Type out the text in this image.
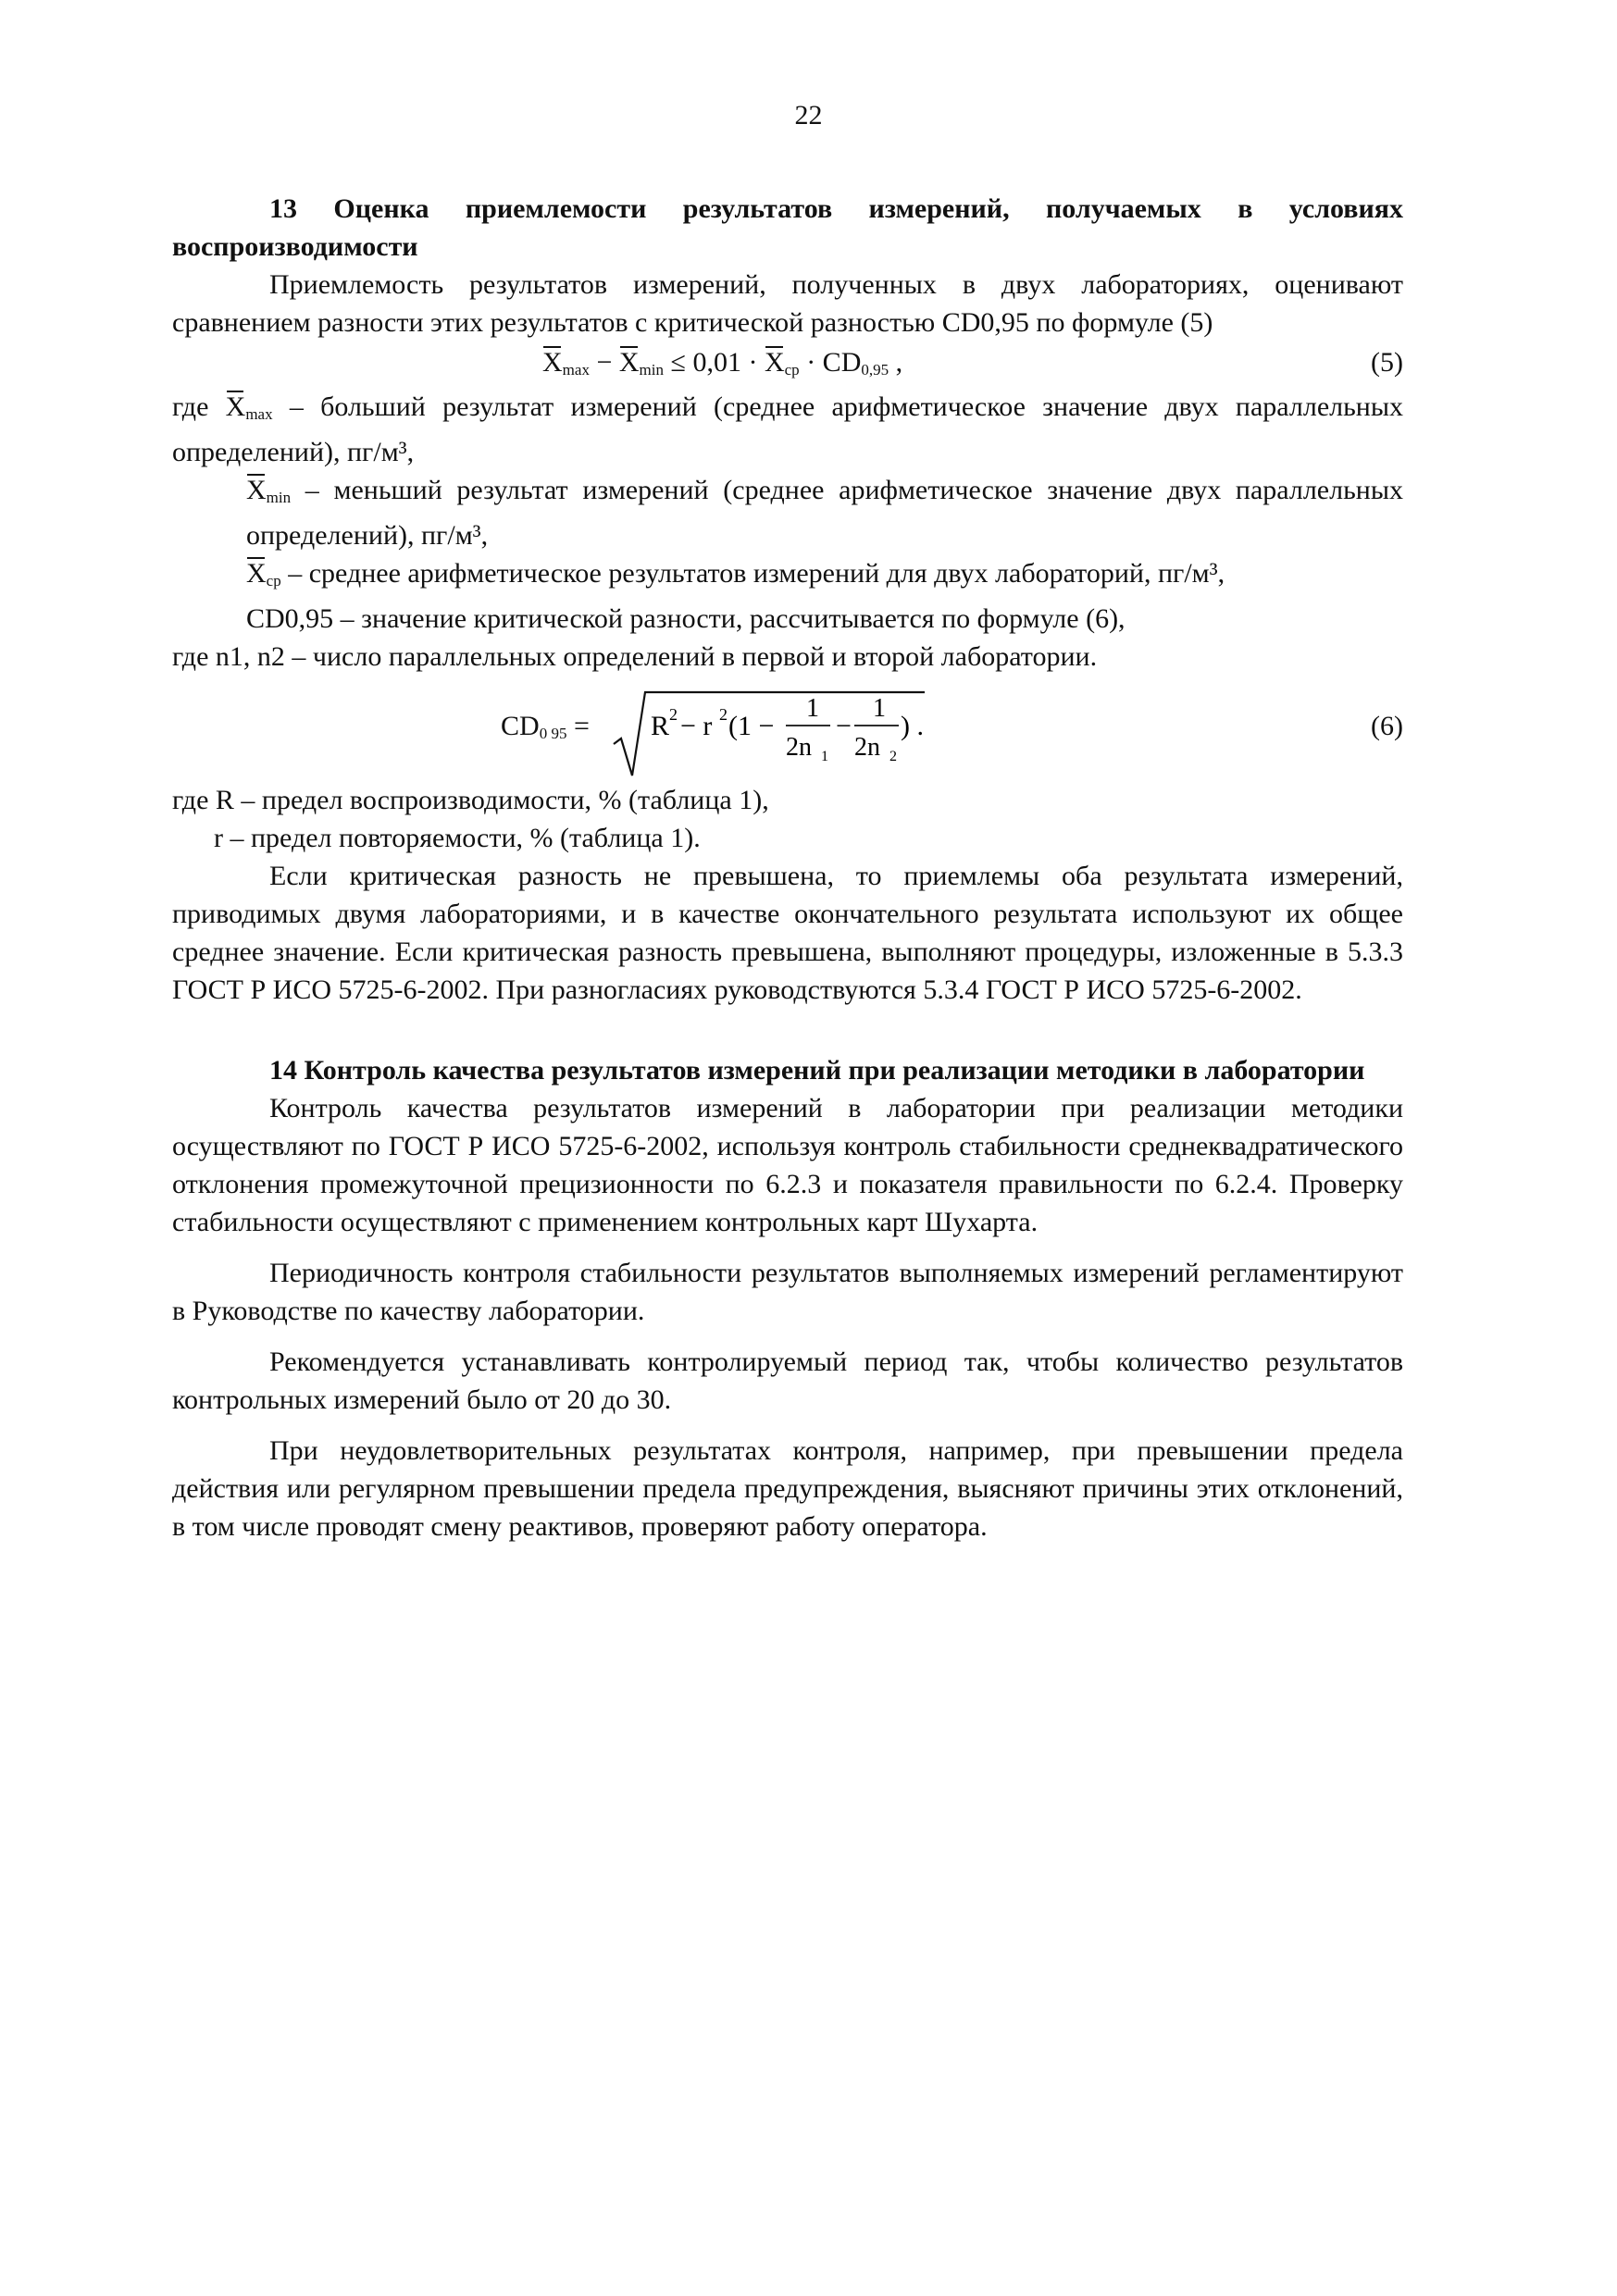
22

13 Оценка приемлемости результатов измерений, получаемых в условиях воспроизводимости

Приемлемость результатов измерений, полученных в двух лабораториях, оценивают сравнением разности этих результатов с критической разностью CD0,95 по формуле (5)

$X_{max} - X_{min} \le 0,01 \cdot X_{ср} \cdot CD_{0,95}$ ,	(5)

где $X_{max}$ – больший результат измерений (среднее арифметическое значение двух параллельных определений), пг/м³,

$X_{min}$ – меньший результат измерений (среднее арифметическое значение двух параллельных определений), пг/м³,

$X_{ср}$ – среднее арифметическое результатов измерений для двух лабораторий, пг/м³,

CD0,95 – значение критической разности, рассчитывается по формуле (6),

где n1, n2 – число параллельных определений в первой и второй лаборатории.

$CD_{0 95} = R$ 2 − r 2 (1 −
1
2n 1
−
1
2n 2
) .	(6)

где R – предел воспроизводимости, % (таблица 1),

r – предел повторяемости, % (таблица 1).

Если критическая разность не превышена, то приемлемы оба результата измерений, приводимых двумя лабораториями, и в качестве окончательного результата используют их общее среднее значение. Если критическая разность превышена, выполняют процедуры, изложенные в 5.3.3 ГОСТ Р ИСО 5725-6-2002. При разногласиях руководствуются 5.3.4 ГОСТ Р ИСО 5725-6-2002.

14 Контроль качества результатов измерений при реализации методики в лаборатории

Контроль качества результатов измерений в лаборатории при реализации методики осуществляют по ГОСТ Р ИСО 5725-6-2002, используя контроль стабильности среднеквадратического отклонения промежуточной прецизионности по 6.2.3 и показателя правильности по 6.2.4. Проверку стабильности осуществляют с применением контрольных карт Шухарта.

Периодичность контроля стабильности результатов выполняемых измерений регламентируют в Руководстве по качеству лаборатории.

Рекомендуется устанавливать контролируемый период так, чтобы количество результатов контрольных измерений было от 20 до 30.

При неудовлетворительных результатах контроля, например, при превышении предела действия или регулярном превышении предела предупреждения, выясняют причины этих отклонений, в том числе проводят смену реактивов, проверяют работу оператора.
